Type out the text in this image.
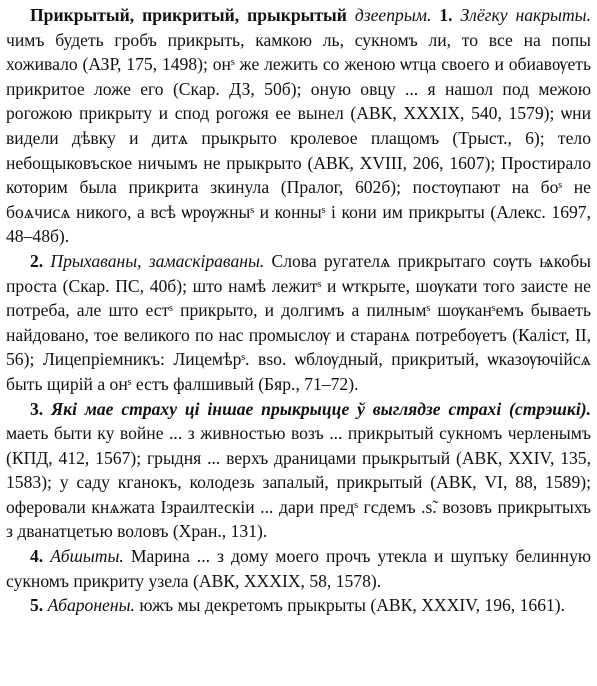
Прикрытый, прикритый, прыкрытый дзеепрым. 1. Злёгку накрыты. чимъ будеть гробъ прикрыть, камкою ль, сукномъ ли, то все на попы хоживало (АЗР, 175, 1498); онˢ же лежить со женою ѡтца своего и обиавѹеть прикритое ложе его (Скар. ДЗ, 50б); оную овцу ... я нашол под межою рогожою прикрыту и спод рогожя ее вынел (АВК, XXXIX, 540, 1579); ѡни видели дѣвку и дитѧ прыкрыто кролевое плащомъ (Трыст., 6); тело небощыковъское ничымъ не прыкрыто (АВК, XVIII, 206, 1607); Простирало которим была прикрита зкинула (Пралог, 602б); постѹпают на боˢ не боѧчисѧ никого, а всѣ ѡрѹжныˢ и конныˢ і кони им прикрыты (Алекс. 1697, 48–48б).

2. Прыхаваны, замаскіраваны. Слова ругателѧ прикрытаго сѹть ѩкобы проста (Скар. ПС, 40б); што намѣ лежитˢ и ѡткрыте, шѹкати того заисте не потреба, але што естˢ прикрыто, и долгимъ а пилнымˢ шѹканˢемъ бываеть найдовано, тое великого по нас промыслѹ и старанѧ потребѹетъ (Каліст, II, 56); Лицепріемникъ: Лицемѣрˢ. вѕо. ѡблѹдный, прикритый, ѡказѹючійсѧ быть щирій а онˢ естъ фалшивый (Бяр., 71–72).

3. Які мае страху ці іншае прыкрыцце ў выглядзе страхі (стрэшкі). маеть быти ку войне ... з живностью возъ ... прикрытый сукномъ черленымъ (КПД, 412, 1567); грыдня ... верхъ драницами прыкрытый (АВК, XXIV, 135, 1583); у саду кганокъ, колодезь запалый, прикрытый (АВК, VI, 88, 1589); оферовали кнѧжата Ізраилтескіи ... дари предˢ гсдемъ .ѕ̃. возовъ прикрытыхъ з дванатцетью воловъ (Хран., 131).

4. Абшыты. Марина ... з дому моего прочъ утекла и шупъку белинную сукномъ прикриту узела (АВК, XXXIX, 58, 1578).

5. Абаронены. южъ мы декретомъ прыкрыты (АВК, XXXIV, 196, 1661).
